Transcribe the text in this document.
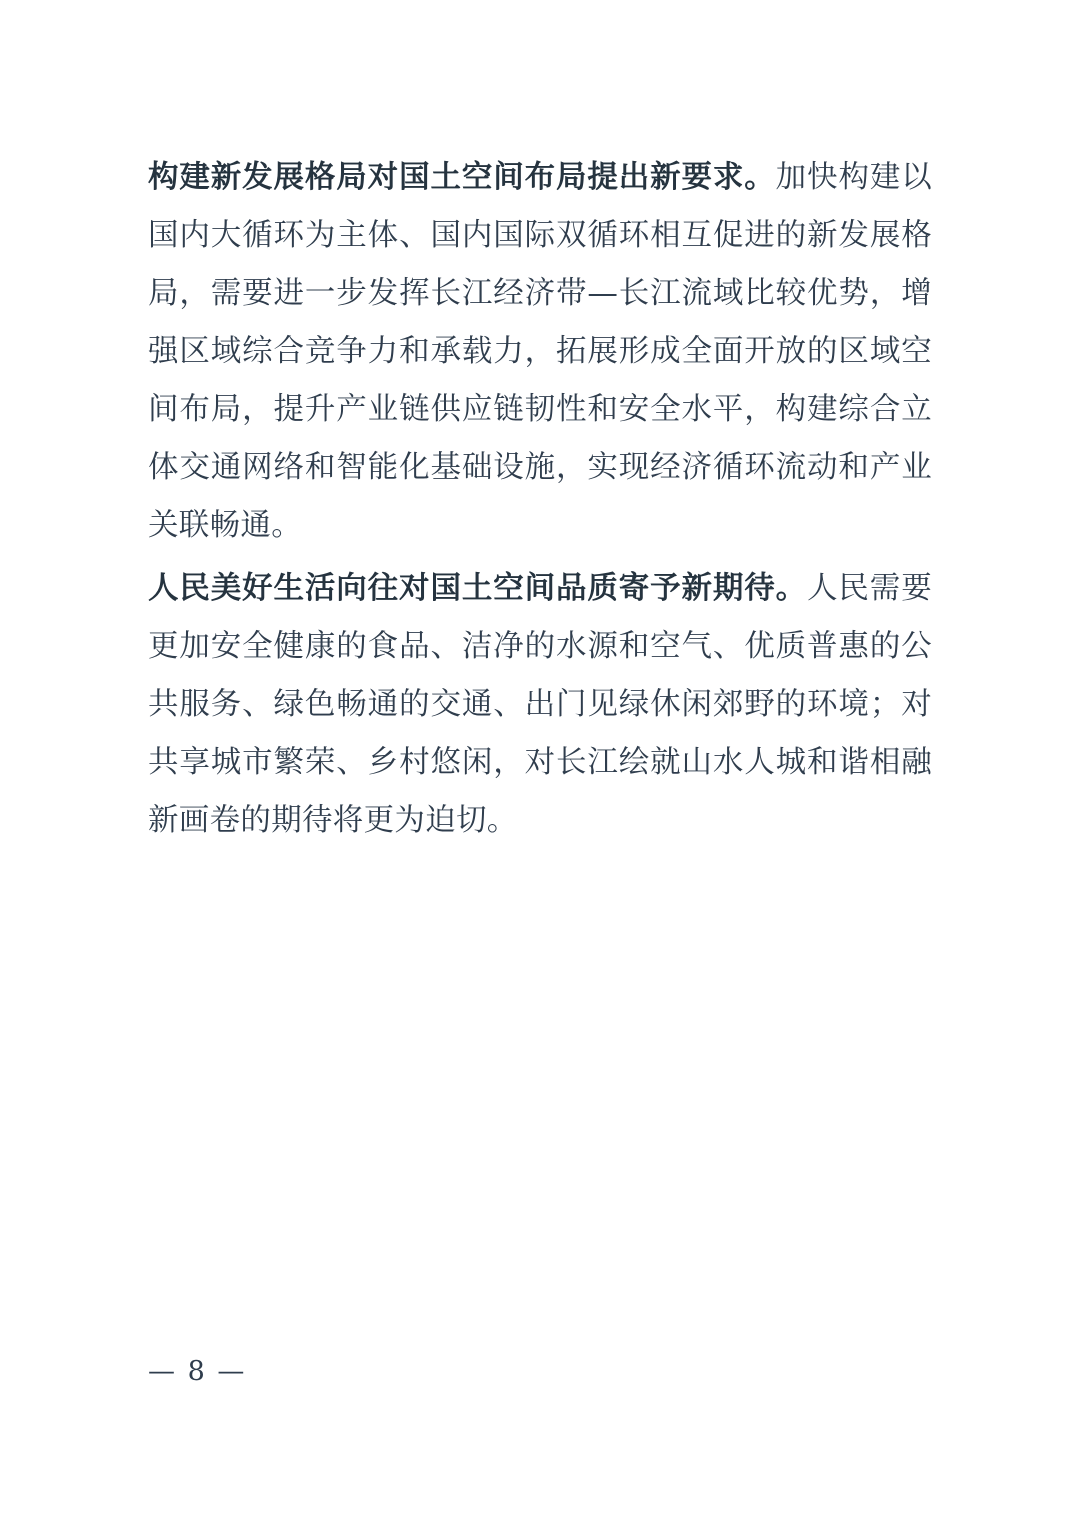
构建新发展格局对国土空间布局提出新要求。加快构建以国内大循环为主体、国内国际双循环相互促进的新发展格局，需要进一步发挥长江经济带—长江流域比较优势，增强区域综合竞争力和承载力，拓展形成全面开放的区域空间布局，提升产业链供应链韧性和安全水平，构建综合立体交通网络和智能化基础设施，实现经济循环流动和产业关联畅通。

人民美好生活向往对国土空间品质寄予新期待。人民需要更加安全健康的食品、洁净的水源和空气、优质普惠的公共服务、绿色畅通的交通、出门见绿休闲郊野的环境；对共享城市繁荣、乡村悠闲，对长江绘就山水人城和谐相融新画卷的期待将更为迫切。

— 8 —
